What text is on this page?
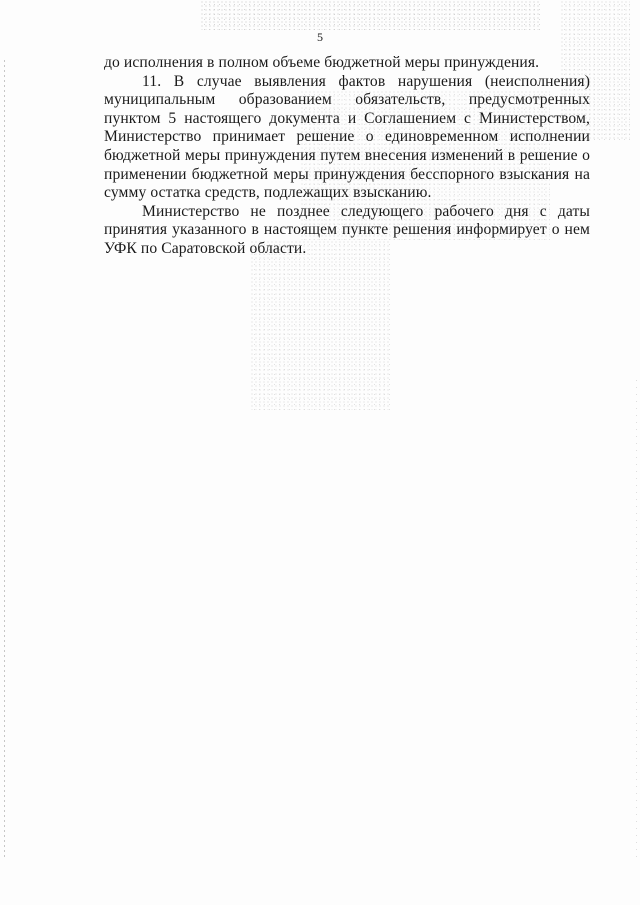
5

до исполнения в полном объеме бюджетной меры принуждения.

11. В случае выявления фактов нарушения (неисполнения) муниципальным образованием обязательств, предусмотренных пунктом 5 настоящего документа и Соглашением с Министерством, Министерство принимает решение о единовременном исполнении бюджетной меры принуждения путем внесения изменений в решение о применении бюджетной меры принуждения бесспорного взыскания на сумму остатка средств, подлежащих взысканию.

Министерство не позднее следующего рабочего дня с даты принятия указанного в настоящем пункте решения информирует о нем УФК по Саратовской области.
